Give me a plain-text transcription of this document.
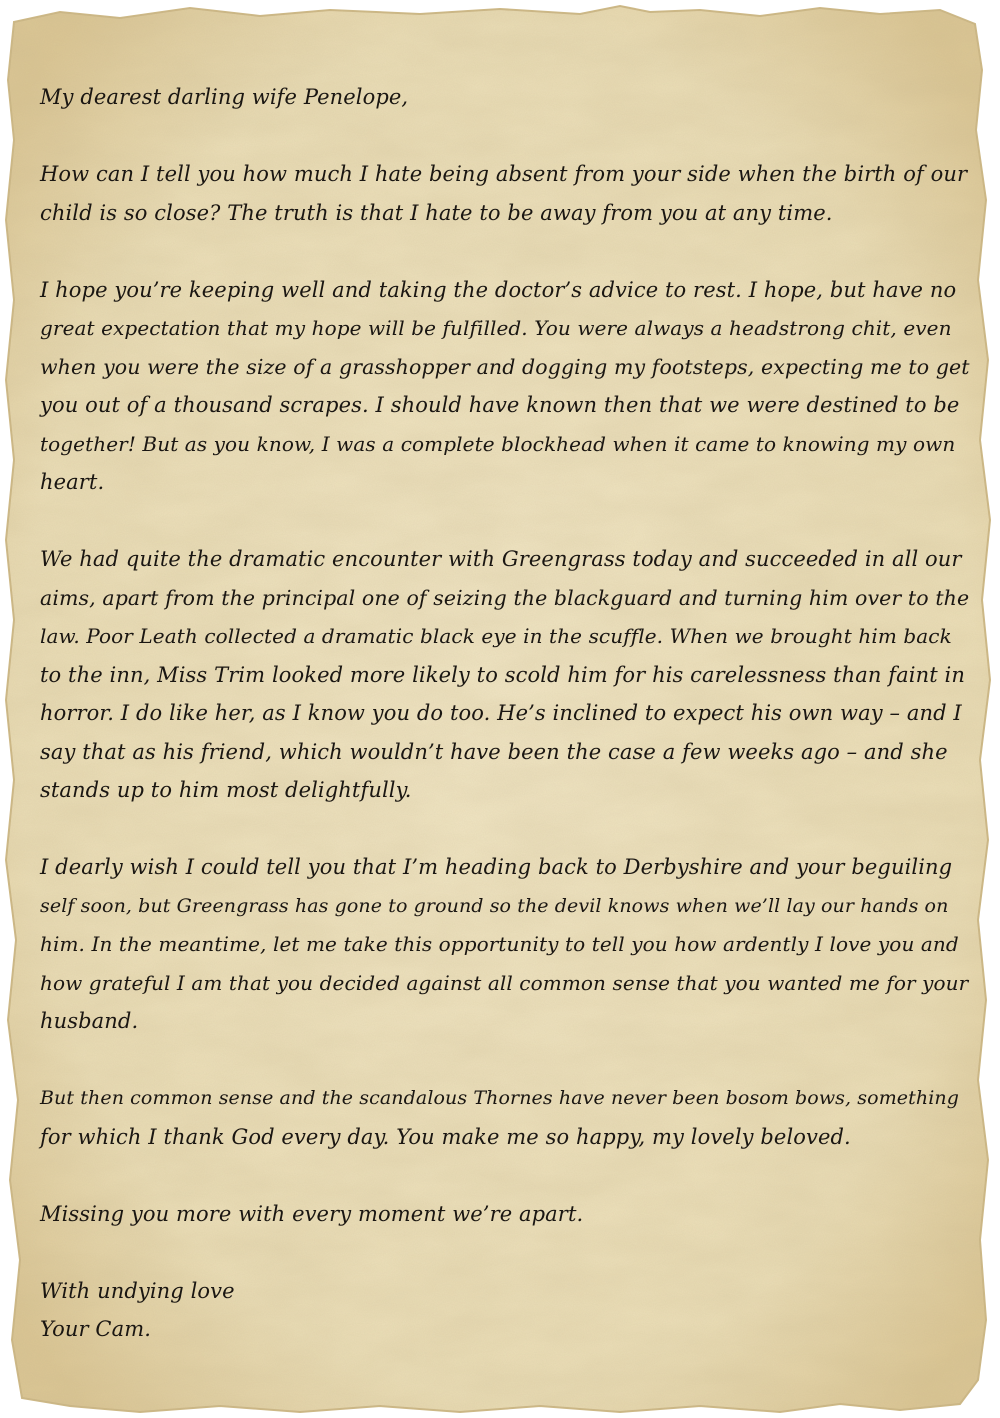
My dearest darling wife Penelope,
How can I tell you how much I hate being absent from your side when the birth of our
child is so close? The truth is that I hate to be away from you at any time.
I hope you’re keeping well and taking the doctor’s advice to rest. I hope, but have no
great expectation that my hope will be fulfilled. You were always a headstrong chit, even
when you were the size of a grasshopper and dogging my footsteps, expecting me to get
you out of a thousand scrapes. I should have known then that we were destined to be
together! But as you know, I was a complete blockhead when it came to knowing my own
heart.
We had quite the dramatic encounter with Greengrass today and succeeded in all our
aims, apart from the principal one of seizing the blackguard and turning him over to the
law. Poor Leath collected a dramatic black eye in the scuffle. When we brought him back
to the inn, Miss Trim looked more likely to scold him for his carelessness than faint in
horror. I do like her, as I know you do too. He’s inclined to expect his own way – and I
say that as his friend, which wouldn’t have been the case a few weeks ago – and she
stands up to him most delightfully.
I dearly wish I could tell you that I’m heading back to Derbyshire and your beguiling
self soon, but Greengrass has gone to ground so the devil knows when we’ll lay our hands on
him. In the meantime, let me take this opportunity to tell you how ardently I love you and
how grateful I am that you decided against all common sense that you wanted me for your
husband.
But then common sense and the scandalous Thornes have never been bosom bows, something
for which I thank God every day. You make me so happy, my lovely beloved.
Missing you more with every moment we’re apart.
With undying love
Your Cam.
